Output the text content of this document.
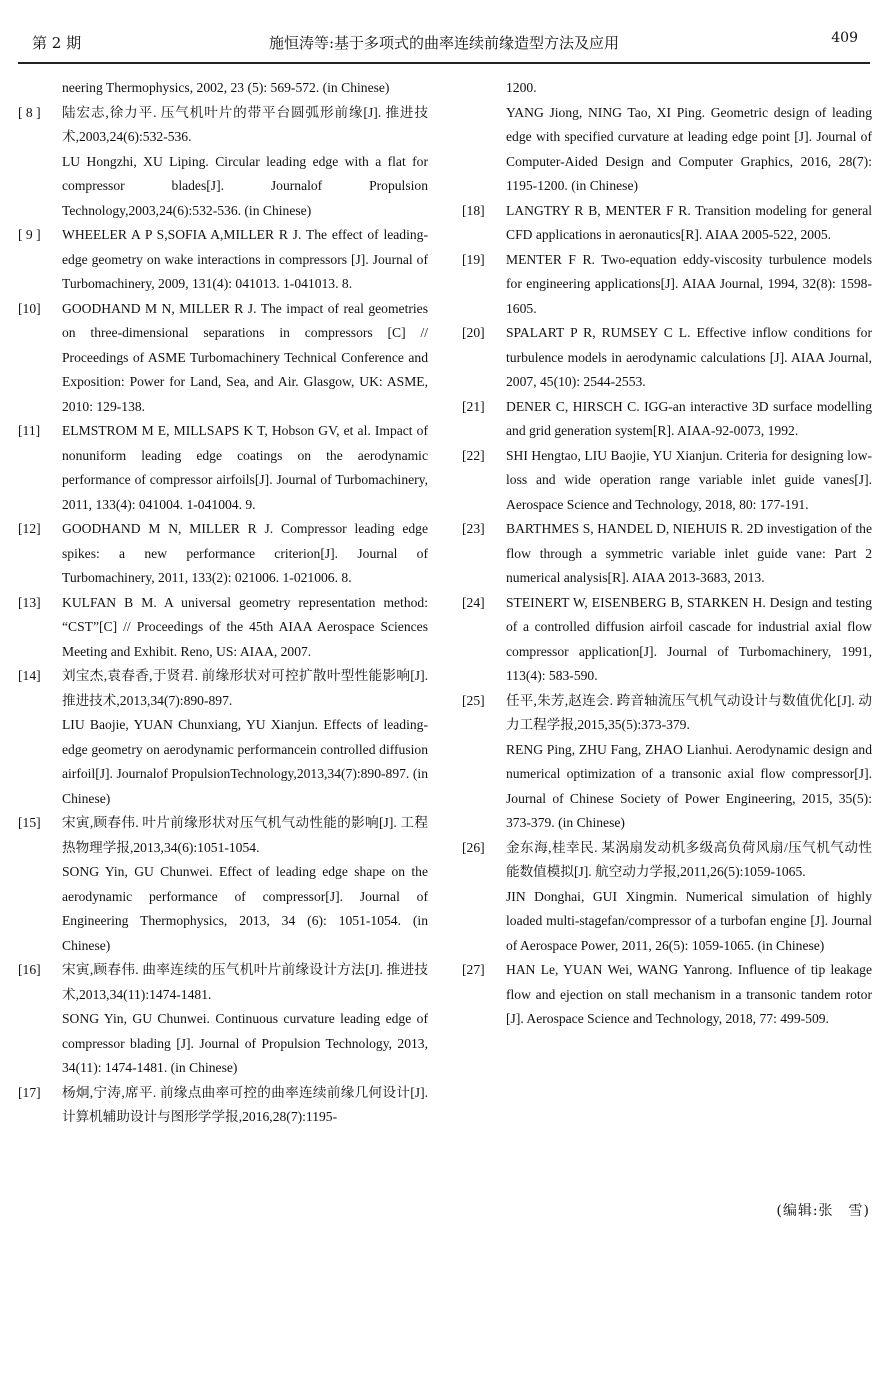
第 2 期	施恒涛等:基于多项式的曲率连续前缘造型方法及应用	409

neering Thermophysics, 2002, 23 (5): 569-572. (in Chinese)

[ 8 ]	陆宏志,徐力平. 压气机叶片的带平台圆弧形前缘[J]. 推进技术,2003,24(6):532-536.

LU Hongzhi, XU Liping. Circular leading edge with a flat for compressor blades[J]. Journalof Propulsion Technology,2003,24(6):532-536. (in Chinese)

[ 9 ]	WHEELER A P S,SOFIA A,MILLER R J. The effect of leading-edge geometry on wake interactions in compressors [J]. Journal of Turbomachinery, 2009, 131(4): 041013. 1-041013. 8.

[10]	GOODHAND M N, MILLER R J. The impact of real geometries on three-dimensional separations in compressors [C] // Proceedings of ASME Turbomachinery Technical Conference and Exposition: Power for Land, Sea, and Air. Glasgow, UK: ASME, 2010: 129-138.

[11]	ELMSTROM M E, MILLSAPS K T, Hobson GV, et al. Impact of nonuniform leading edge coatings on the aerodynamic performance of compressor airfoils[J]. Journal of Turbomachinery, 2011, 133(4): 041004. 1-041004. 9.

[12]	GOODHAND M N, MILLER R J. Compressor leading edge spikes: a new performance criterion[J]. Journal of Turbomachinery, 2011, 133(2): 021006. 1-021006. 8.

[13]	KULFAN B M. A universal geometry representation method: “CST”[C] // Proceedings of the 45th AIAA Aerospace Sciences Meeting and Exhibit. Reno, US: AIAA, 2007.

[14]	刘宝杰,袁春香,于贤君. 前缘形状对可控扩散叶型性能影响[J]. 推进技术,2013,34(7):890-897.

LIU Baojie, YUAN Chunxiang, YU Xianjun. Effects of leading-edge geometry on aerodynamic performancein controlled diffusion airfoil[J]. Journalof PropulsionTechnology,2013,34(7):890-897. (in Chinese)

[15]	宋寅,顾春伟. 叶片前缘形状对压气机气动性能的影响[J]. 工程热物理学报,2013,34(6):1051-1054.

SONG Yin, GU Chunwei. Effect of leading edge shape on the aerodynamic performance of compressor[J]. Journal of Engineering Thermophysics, 2013, 34 (6): 1051-1054. (in Chinese)

[16]	宋寅,顾春伟. 曲率连续的压气机叶片前缘设计方法[J]. 推进技术,2013,34(11):1474-1481.

SONG Yin, GU Chunwei. Continuous curvature leading edge of compressor blading [J]. Journal of Propulsion Technology, 2013, 34(11): 1474-1481. (in Chinese)

[17]	杨炯,宁涛,席平. 前缘点曲率可控的曲率连续前缘几何设计[J]. 计算机辅助设计与图形学学报,2016,28(7):1195-

1200.

YANG Jiong, NING Tao, XI Ping. Geometric design of leading edge with specified curvature at leading edge point [J]. Journal of Computer-Aided Design and Computer Graphics, 2016, 28(7): 1195-1200. (in Chinese)

[18]	LANGTRY R B, MENTER F R. Transition modeling for general CFD applications in aeronautics[R]. AIAA 2005-522, 2005.

[19]	MENTER F R. Two-equation eddy-viscosity turbulence models for engineering applications[J]. AIAA Journal, 1994, 32(8): 1598-1605.

[20]	SPALART P R, RUMSEY C L. Effective inflow conditions for turbulence models in aerodynamic calculations [J]. AIAA Journal, 2007, 45(10): 2544-2553.

[21]	DENER C, HIRSCH C. IGG-an interactive 3D surface modelling and grid generation system[R]. AIAA-92-0073, 1992.

[22]	SHI Hengtao, LIU Baojie, YU Xianjun. Criteria for designing low-loss and wide operation range variable inlet guide vanes[J]. Aerospace Science and Technology, 2018, 80: 177-191.

[23]	BARTHMES S, HANDEL D, NIEHUIS R. 2D investigation of the flow through a symmetric variable inlet guide vane: Part 2 numerical analysis[R]. AIAA 2013-3683, 2013.

[24]	STEINERT W, EISENBERG B, STARKEN H. Design and testing of a controlled diffusion airfoil cascade for industrial axial flow compressor application[J]. Journal of Turbomachinery, 1991, 113(4): 583-590.

[25]	任平,朱芳,赵连会. 跨音轴流压气机气动设计与数值优化[J]. 动力工程学报,2015,35(5):373-379.

RENG Ping, ZHU Fang, ZHAO Lianhui. Aerodynamic design and numerical optimization of a transonic axial flow compressor[J]. Journal of Chinese Society of Power Engineering, 2015, 35(5): 373-379. (in Chinese)

[26]	金东海,桂幸民. 某涡扇发动机多级高负荷风扇/压气机气动性能数值模拟[J]. 航空动力学报,2011,26(5):1059-1065.

JIN Donghai, GUI Xingmin. Numerical simulation of highly loaded multi-stagefan/compressor of a turbofan engine [J]. Journal of Aerospace Power, 2011, 26(5): 1059-1065. (in Chinese)

[27]	HAN Le, YUAN Wei, WANG Yanrong. Influence of tip leakage flow and ejection on stall mechanism in a transonic tandem rotor [J]. Aerospace Science and Technology, 2018, 77: 499-509.

(编辑:张　雪)
